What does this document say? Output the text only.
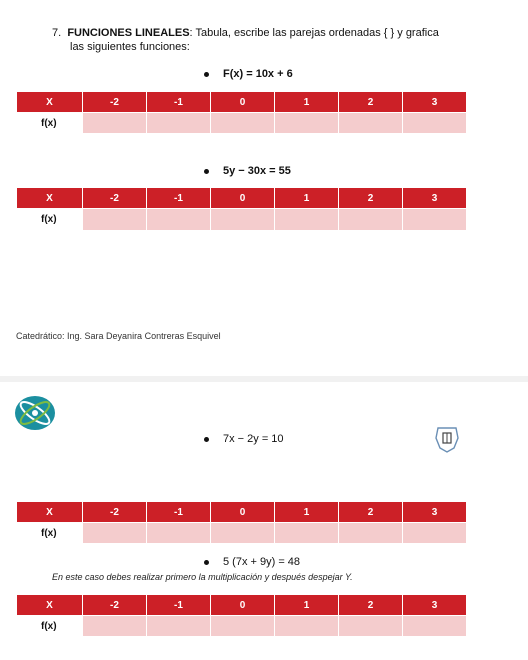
7. FUNCIONES LINEALES: Tabula, escribe las parejas ordenadas { } y grafica
las siguientes funciones:
F(x) = 10x + 6
X	-2	-1	0	1	2	3
f(x)						
5y − 30x = 55
X	-2	-1	0	1	2	3
f(x)						
Catedrático: Ing. Sara Deyanira Contreras Esquivel
7x − 2y = 10
X	-2	-1	0	1	2	3
f(x)						
5 (7x + 9y) = 48
En este caso debes realizar primero la multiplicación y después despejar Y.
X	-2	-1	0	1	2	3
f(x)						
